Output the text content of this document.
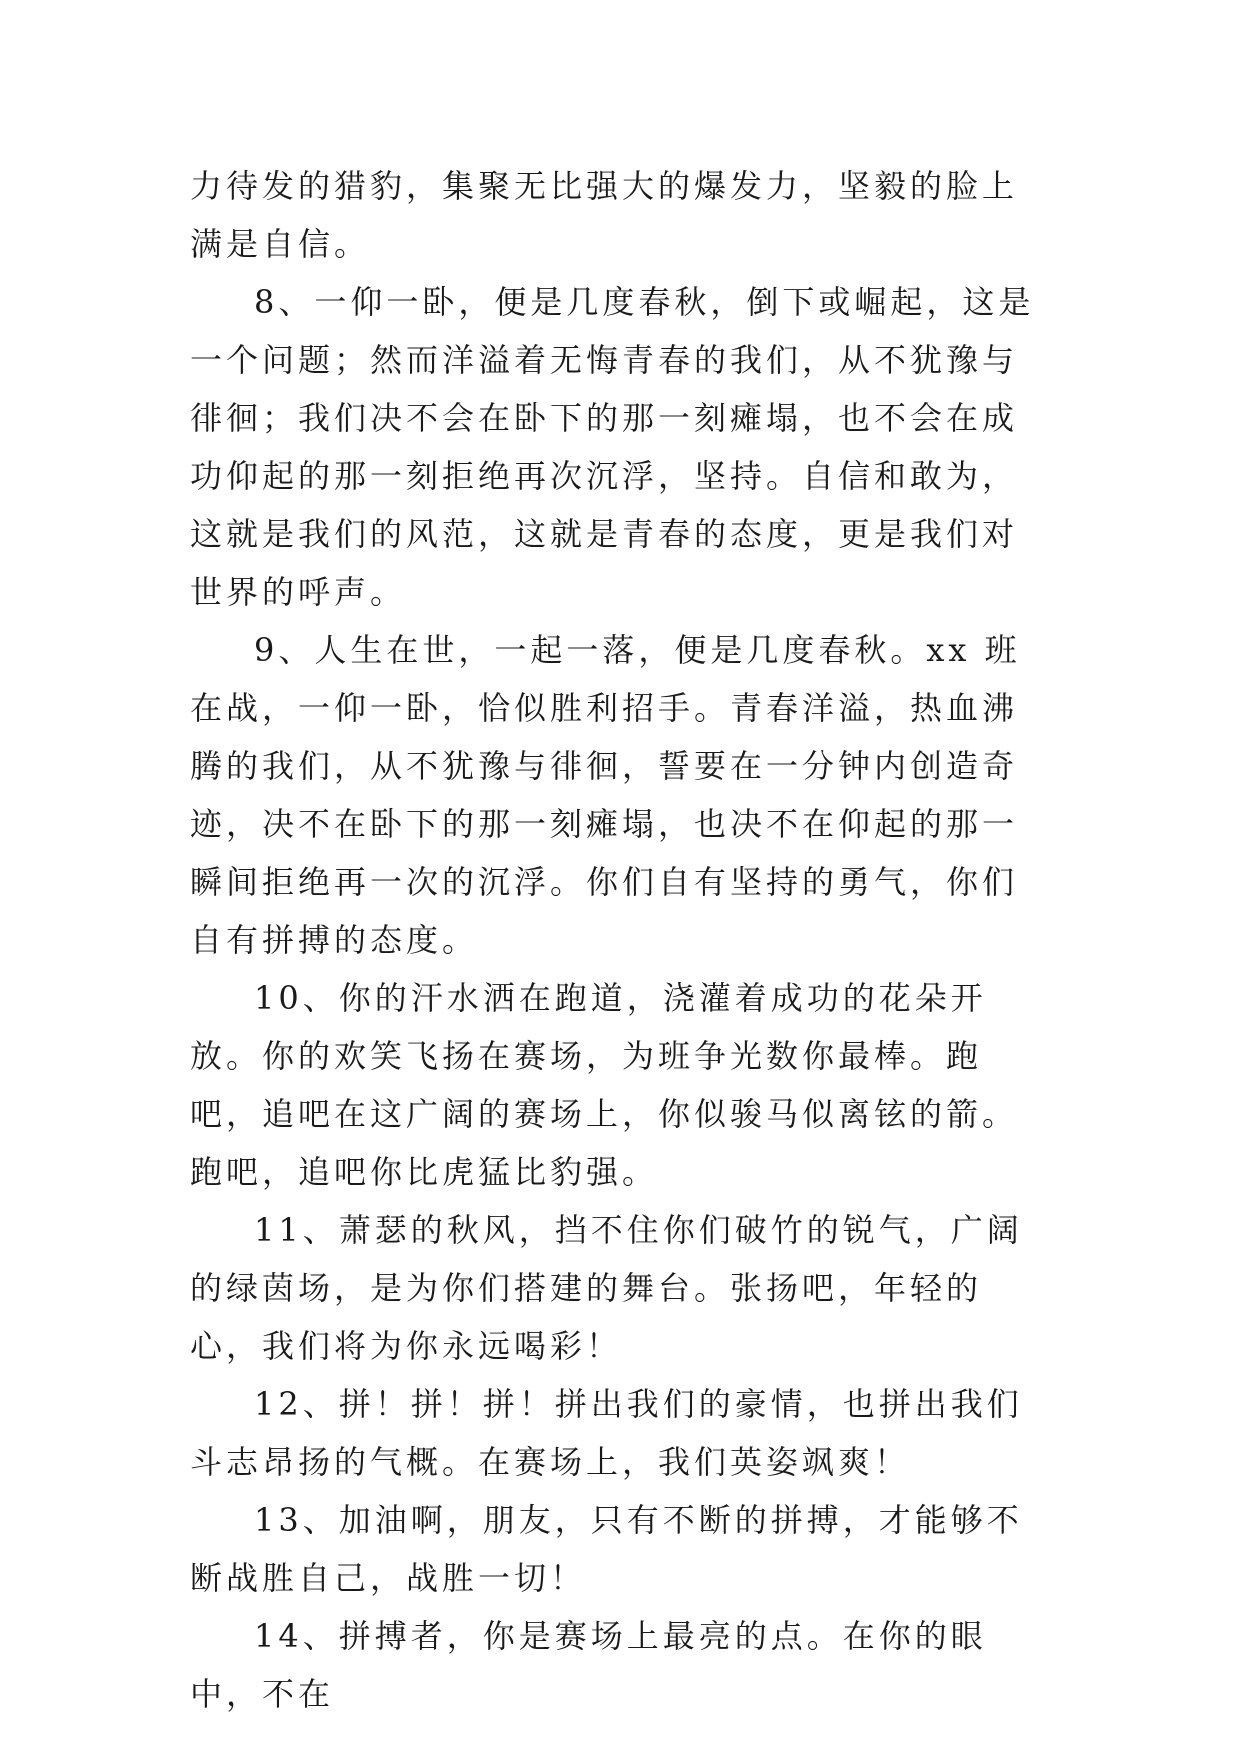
力待发的猎豹，集聚无比强大的爆发力，坚毅的脸上满是自信。

8、一仰一卧，便是几度春秋，倒下或崛起，这是一个问题；然而洋溢着无悔青春的我们，从不犹豫与徘徊；我们决不会在卧下的那一刻瘫塌，也不会在成功仰起的那一刻拒绝再次沉浮，坚持。自信和敢为，这就是我们的风范，这就是青春的态度，更是我们对世界的呼声。

9、人生在世，一起一落，便是几度春秋。xx 班在战，一仰一卧，恰似胜利招手。青春洋溢，热血沸腾的我们，从不犹豫与徘徊，誓要在一分钟内创造奇迹，决不在卧下的那一刻瘫塌，也决不在仰起的那一瞬间拒绝再一次的沉浮。你们自有坚持的勇气，你们自有拼搏的态度。

10、你的汗水洒在跑道，浇灌着成功的花朵开放。你的欢笑飞扬在赛场，为班争光数你最棒。跑吧，追吧在这广阔的赛场上，你似骏马似离铉的箭。跑吧，追吧你比虎猛比豹强。

11、萧瑟的秋风，挡不住你们破竹的锐气，广阔的绿茵场，是为你们搭建的舞台。张扬吧，年轻的心，我们将为你永远喝彩！

12、拼！拼！拼！拼出我们的豪情，也拼出我们斗志昂扬的气概。在赛场上，我们英姿飒爽！

13、加油啊，朋友，只有不断的拼搏，才能够不断战胜自己，战胜一切！

14、拼搏者，你是赛场上最亮的点。在你的眼中，不在
